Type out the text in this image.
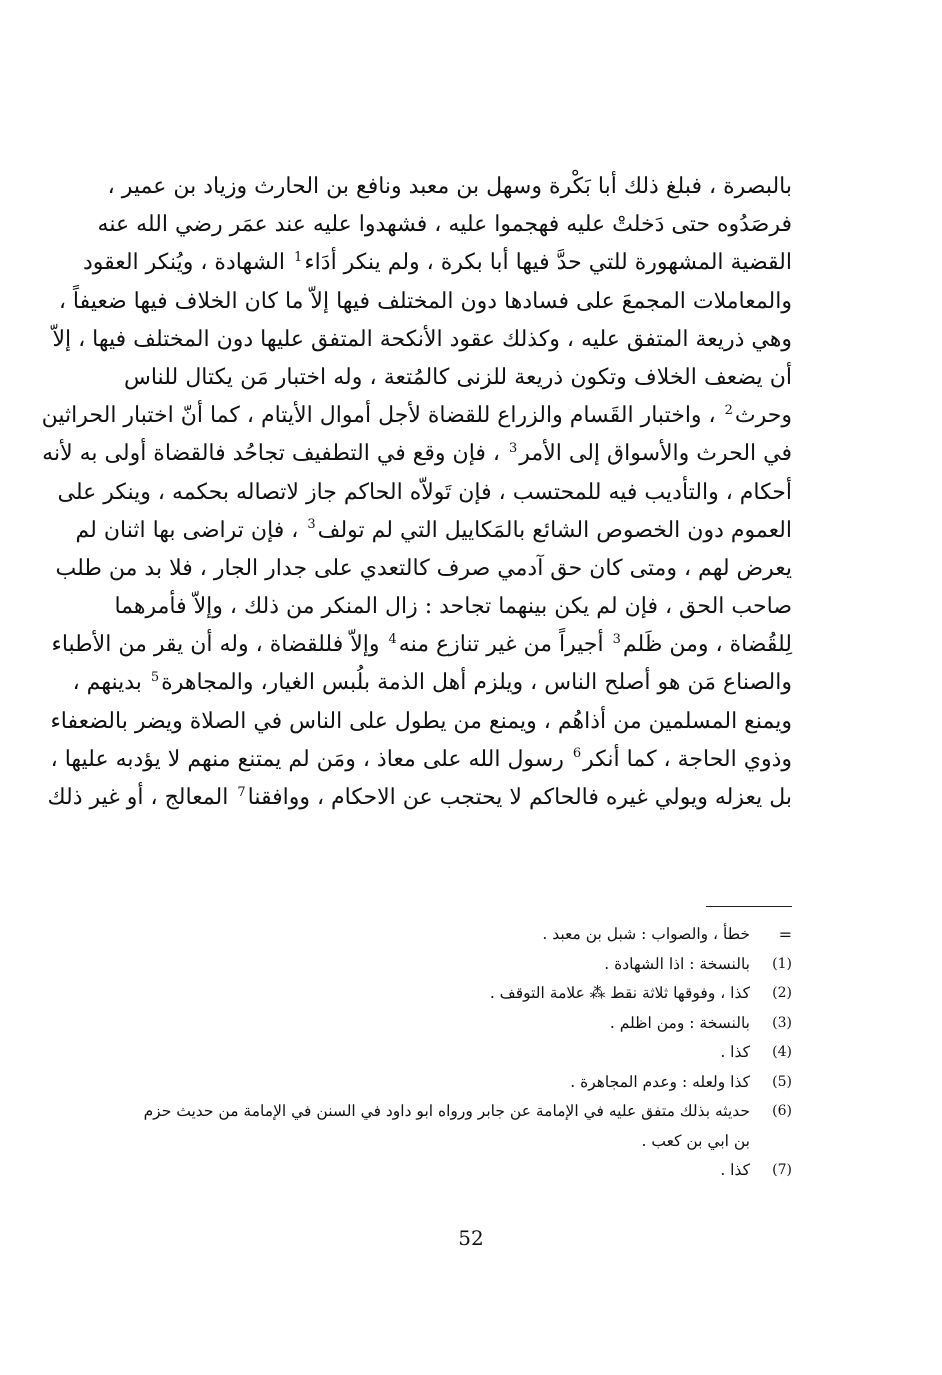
بالبصرة ، فبلغ ذلك أبا بَكْرة وسهل بن معبد ونافع بن الحارث وزياد بن عمير ،
فرصَدُوه حتى دَخلتْ عليه فهجموا عليه ، فشهدوا عليه عند عمَر رضي الله عنه
القضية المشهورة للتي حدَّ فيها أبا بكرة ، ولم ينكر أدَاء$^1$ الشهادة ، ويُنكر العقود
والمعاملات المجمعَ على فسادها دون المختلف فيها إلاّ ما كان الخلاف فيها ضعيفاً ،
وهي ذريعة المتفق عليه ، وكذلك عقود الأنكحة المتفق عليها دون المختلف فيها ، إلاّ
أن يضعف الخلاف وتكون ذريعة للزنى كالمُتعة ، وله اختبار مَن يكتال للناس
وحرث$^2$ ، واختبار القَسام والزراع للقضاة لأجل أموال الأيتام ، كما أنّ اختبار الحراثين
في الحرث والأسواق إلى الأمر$^3$ ، فإن وقع في التطفيف تجاحُد فالقضاة أولى به لأنه
أحكام ، والتأديب فيه للمحتسب ، فإن تَولاّه الحاكم جاز لاتصاله بحكمه ، وينكر على
العموم دون الخصوص الشائع بالمَكاييل التي لم تولف$^3$ ، فإن تراضى بها اثنان لم
يعرض لهم ، ومتى كان حق آدمي صرف كالتعدي على جدار الجار ، فلا بد من طلب
صاحب الحق ، فإن لم يكن بينهما تجاحد : زال المنكر من ذلك ، وإلاّ فأمرهما
لِلقُضاة ، ومن ظَلم$^3$ أجيراً من غير تنازع منه$^4$ وإلاّ فللقضاة ، وله أن يقر من الأطباء
والصناع مَن هو أصلح الناس ، ويلزم أهل الذمة بلُبس الغيار، والمجاهرة$^5$ بدينهم ،
ويمنع المسلمين من أذاهُم ، ويمنع من يطول على الناس في الصلاة ويضر بالضعفاء
وذوي الحاجة ، كما أنكر$^6$ رسول الله على معاذ ، ومَن لم يمتنع منهم لا يؤدبه عليها ،
بل يعزله ويولي غيره فالحاكم لا يحتجب عن الاحكام ، ووافقنا$^7$ المعالج ، أو غير ذلك
=
خطأ ، والصواب : شبل بن معبد .
(1)
بالنسخة : اذا الشهادة .
(2)
كذا ، وفوقها ثلاثة نقط ⁂ علامة التوقف .
(3)
بالنسخة : ومن اظلم .
(4)
كذا .
(5)
كذا ولعله : وعدم المجاهرة .
(6)
حديثه بذلك متفق عليه في الإمامة عن جابر ورواه ابو داود في السنن في الإمامة من حديث حزم بن ابي بن كعب .
(7)
كذا .
52
